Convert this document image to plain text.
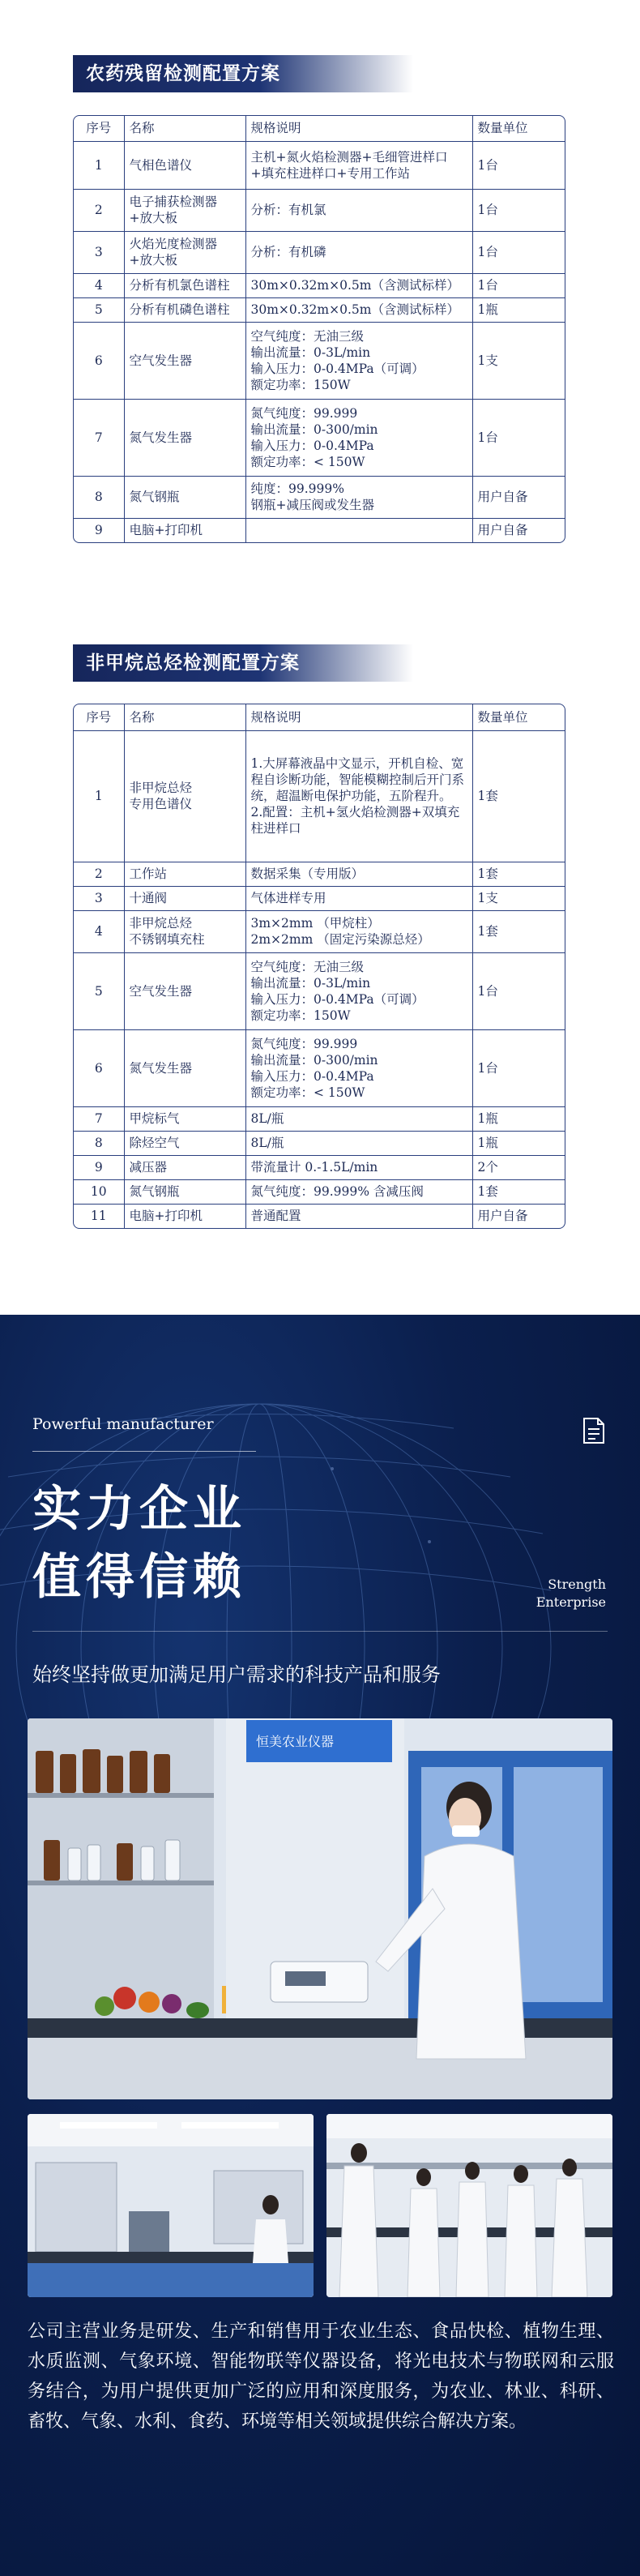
农药残留检测配置方案
序号	名称	规格说明	数量单位
1	气相色谱仪	主机+氮火焰检测器+毛细管进样口
+填充柱进样口+专用工作站	1台
2	电子捕获检测器
+放大板	分析：有机氯	1台
3	火焰光度检测器
+放大板	分析：有机磷	1台
4	分析有机氯色谱柱	30m×0.32m×0.5m（含测试标样）	1台
5	分析有机磷色谱柱	30m×0.32m×0.5m（含测试标样）	1瓶
6	空气发生器	空气纯度：无油三级
输出流量：0-3L/min
输入压力：0-0.4MPa（可调）
额定功率：150W	1支
7	氮气发生器	氮气纯度：99.999
输出流量：0-300/min
输入压力：0-0.4MPa
额定功率：< 150W	1台
8	氮气钢瓶	纯度：99.999%
钢瓶+减压阀或发生器	用户自备
9	电脑+打印机		用户自备
非甲烷总烃检测配置方案
序号	名称	规格说明	数量单位
1	非甲烷总烃
专用色谱仪	1.大屏幕液晶中文显示，开机自检、宽程自诊断功能，智能模糊控制后开门系统，超温断电保护功能，五阶程升。
2.配置：主机+氢火焰检测器+双填充柱进样口	1套
2	工作站	数据采集（专用版）	1套
3	十通阀	气体进样专用	1支
4	非甲烷总烃
不锈钢填充柱	3m×2mm （甲烷柱）
2m×2mm （固定污染源总烃）	1套
5	空气发生器	空气纯度：无油三级
输出流量：0-3L/min
输入压力：0-0.4MPa（可调）
额定功率：150W	1台
6	氮气发生器	氮气纯度：99.999
输出流量：0-300/min
输入压力：0-0.4MPa
额定功率：< 150W	1台
7	甲烷标气	8L/瓶	1瓶
8	除烃空气	8L/瓶	1瓶
9	减压器	带流量计 0.-1.5L/min	2个
10	氮气钢瓶	氮气纯度：99.999% 含减压阀	1套
11	电脑+打印机	普通配置	用户自备
Powerful manufacturer
实力企业
值得信赖	Strength
Enterprise
始终坚持做更加满足用户需求的科技产品和服务
恒美农业仪器
公司主营业务是研发、生产和销售用于农业生态、食品快检、植物生理、水质监测、气象环境、智能物联等仪器设备，将光电技术与物联网和云服务结合，为用户提供更加广泛的应用和深度服务，为农业、林业、科研、畜牧、气象、水利、食药、环境等相关领域提供综合解决方案。
